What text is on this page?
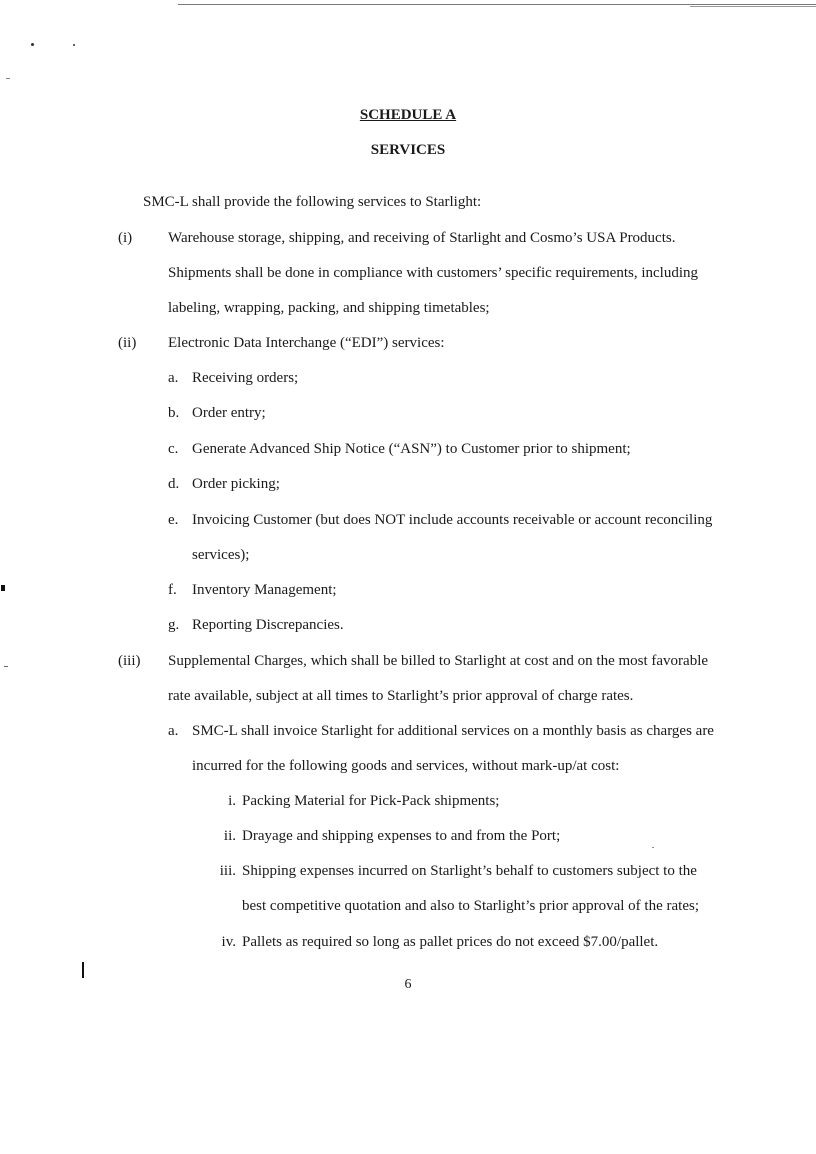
SCHEDULE A
SERVICES
SMC-L shall provide the following services to Starlight:
(i) Warehouse storage, shipping, and receiving of Starlight and Cosmo’s USA Products.
Shipments shall be done in compliance with customers’ specific requirements, including
labeling, wrapping, packing, and shipping timetables;
(ii) Electronic Data Interchange (“EDI”) services:
a. Receiving orders;
b. Order entry;
c. Generate Advanced Ship Notice (“ASN”) to Customer prior to shipment;
d. Order picking;
e. Invoicing Customer (but does NOT include accounts receivable or account reconciling
services);
f. Inventory Management;
g. Reporting Discrepancies.
(iii) Supplemental Charges, which shall be billed to Starlight at cost and on the most favorable
rate available, subject at all times to Starlight’s prior approval of charge rates.
a. SMC-L shall invoice Starlight for additional services on a monthly basis as charges are
incurred for the following goods and services, without mark-up/at cost:
i. Packing Material for Pick-Pack shipments;
ii. Drayage and shipping expenses to and from the Port;
iii. Shipping expenses incurred on Starlight’s behalf to customers subject to the
best competitive quotation and also to Starlight’s prior approval of the rates;
iv. Pallets as required so long as pallet prices do not exceed $7.00/pallet.
6
